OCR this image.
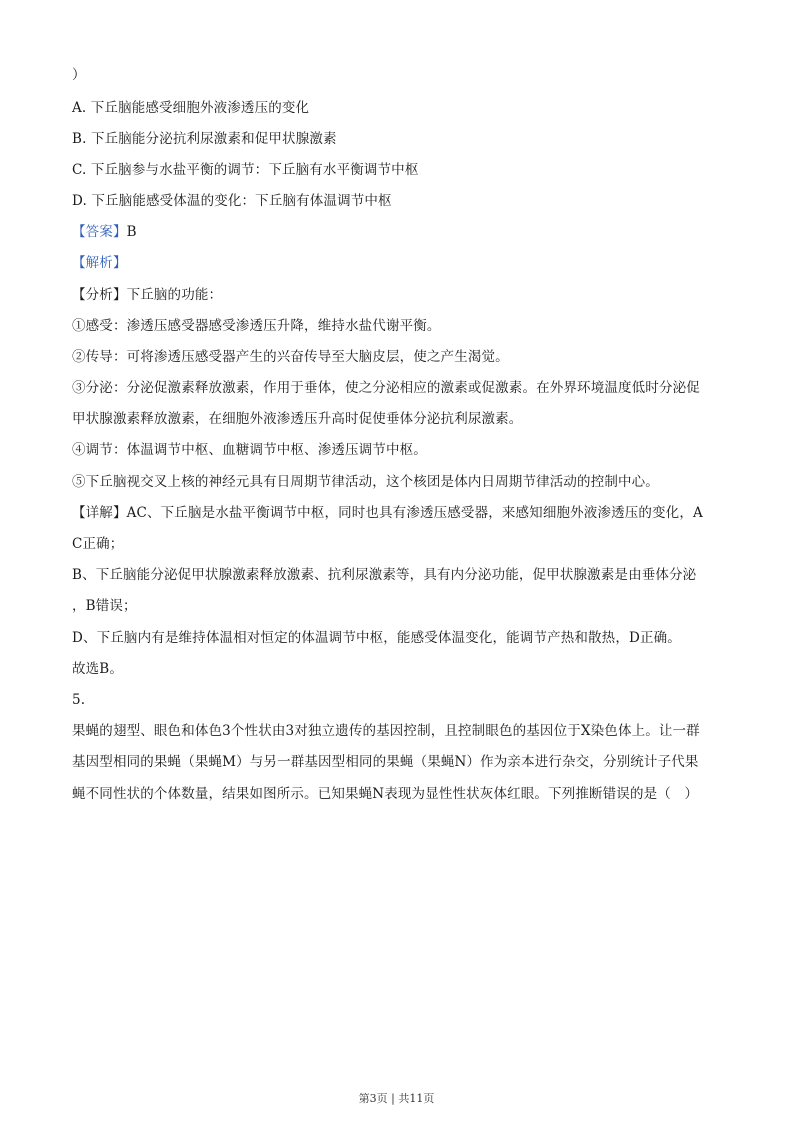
）
A. 下丘脑能感受细胞外液渗透压的变化
B. 下丘脑能分泌抗利尿激素和促甲状腺激素
C. 下丘脑参与水盐平衡的调节：下丘脑有水平衡调节中枢
D. 下丘脑能感受体温的变化：下丘脑有体温调节中枢
【答案】B
【解析】
【分析】下丘脑的功能：
①感受：渗透压感受器感受渗透压升降，维持水盐代谢平衡。
②传导：可将渗透压感受器产生的兴奋传导至大脑皮层，使之产生渴觉。
③分泌：分泌促激素释放激素，作用于垂体，使之分泌相应的激素或促激素。在外界环境温度低时分泌促
甲状腺激素释放激素，在细胞外液渗透压升高时促使垂体分泌抗利尿激素。
④调节：体温调节中枢、血糖调节中枢、渗透压调节中枢。
⑤下丘脑视交叉上核的神经元具有日周期节律活动，这个核团是体内日周期节律活动的控制中心。
【详解】AC、下丘脑是水盐平衡调节中枢，同时也具有渗透压感受器，来感知细胞外液渗透压的变化，A
C正确；
B、下丘脑能分泌促甲状腺激素释放激素、抗利尿激素等，具有内分泌功能，促甲状腺激素是由垂体分泌
，B错误；
D、下丘脑内有是维持体温相对恒定的体温调节中枢，能感受体温变化，能调节产热和散热，D正确。
故选B。
5.
果蝇的翅型、眼色和体色3个性状由3对独立遗传的基因控制，且控制眼色的基因位于X染色体上。让一群
基因型相同的果蝇（果蝇M）与另一群基因型相同的果蝇（果蝇N）作为亲本进行杂交，分别统计子代果
蝇不同性状的个体数量，结果如图所示。已知果蝇N表现为显性性状灰体红眼。下列推断错误的是（　）
第3页 | 共11页
